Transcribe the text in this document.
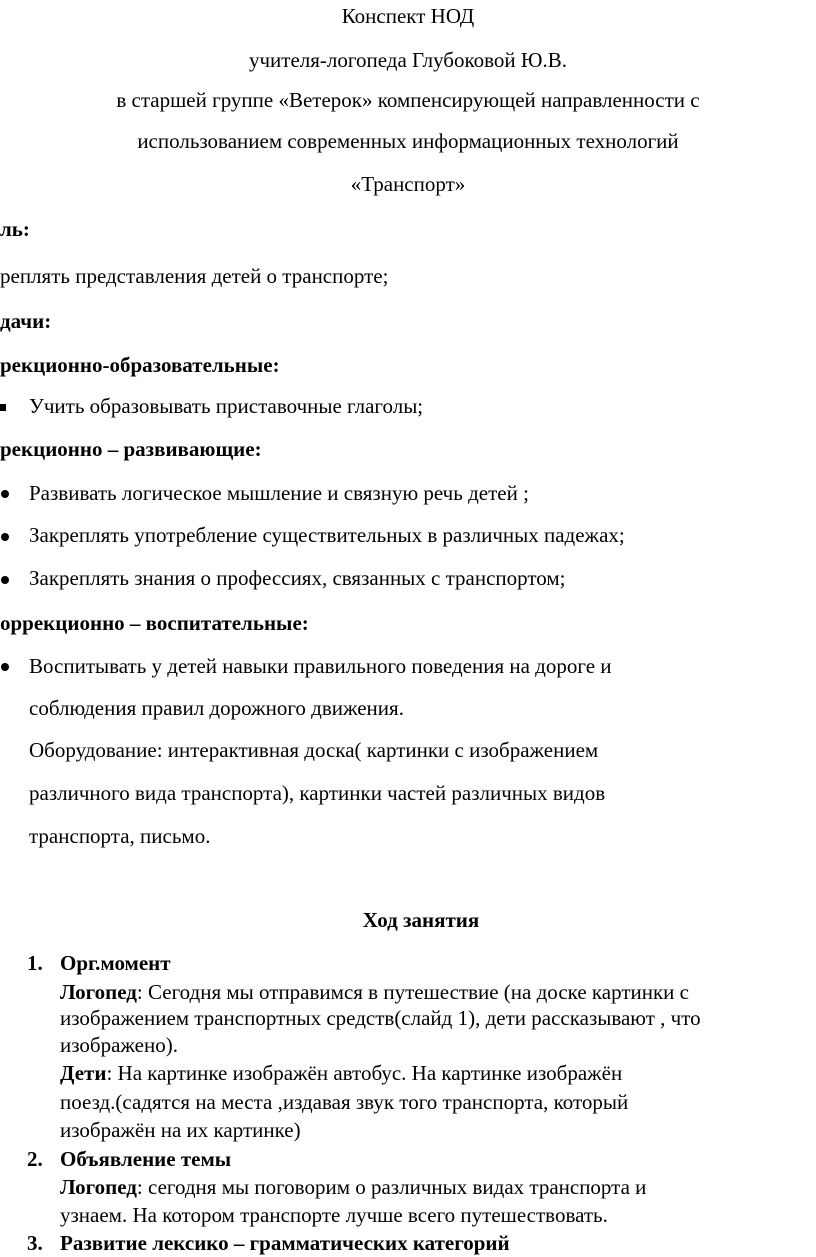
Конспект НОД
учителя-логопеда Глубоковой Ю.В.
в старшей группе «Ветерок» компенсирующей направленности с
использованием современных информационных технологий
«Транспорт»
ль:
реплять представления детей о транспорте;
дачи:
рекционно-образовательные:
Учить образовывать приставочные глаголы;
рекционно – развивающие:
Развивать логическое мышление и связную речь детей ;
Закреплять употребление существительных в различных падежах;
Закреплять знания о профессиях, связанных с транспортом;
оррекционно – воспитательные:
Воспитывать у детей навыки правильного поведения на дороге и
соблюдения правил дорожного движения.
Оборудование: интерактивная доска( картинки с изображением
различного вида транспорта), картинки частей различных видов
транспорта, письмо.
Ход занятия
1. Орг.момент
Логопед: Сегодня мы отправимся в путешествие (на доске картинки с
изображением транспортных средств(слайд 1), дети рассказывают , что
изображено).
Дети: На картинке изображён автобус. На картинке изображён
поезд.(садятся на места ,издавая звук того транспорта, который
изображён на их картинке)
2. Объявление темы
Логопед: сегодня мы поговорим о различных видах транспорта и
узнаем. На котором транспорте лучше всего путешествовать.
3. Развитие лексико – грамматических категорий
